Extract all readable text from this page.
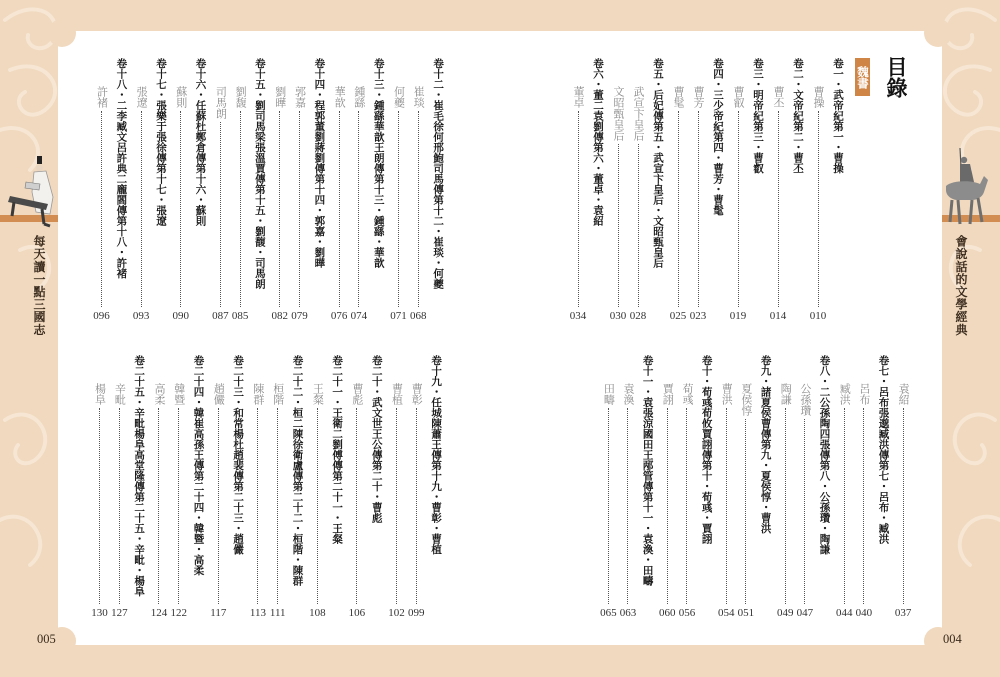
每天讀一點三國志	會說話的文學經典
005	004
目錄
魏書
卷一・武帝紀第一・曹操
曹操
010
卷二・文帝紀第二・曹丕
曹丕
014
卷三・明帝紀第三・曹叡
曹叡
019
卷四・三少帝紀第四・曹芳・曹髦
曹芳
023
曹髦
025
卷五・后妃傳第五・武宣卞皇后・文昭甄皇后
武宣卞皇后
028
文昭甄皇后
030
卷六・董二袁劉傳第六・董卓・袁紹
董卓
034
袁紹
037
卷七・呂布張邈臧洪傳第七・呂布・臧洪
呂布
040
臧洪
044
卷八・二公孫陶四張傳第八・公孫瓚・陶謙
公孫瓚
047
陶謙
049
卷九・諸夏侯曹傳第九・夏侯惇・曹洪
夏侯惇
051
曹洪
054
卷十・荀彧荀攸賈詡傳第十・荀彧・賈詡
荀彧
056
賈詡
060
卷十一・袁張涼國田王邴管傳第十一・袁渙・田疇
袁渙
063
田疇
065
卷十二・崔毛徐何邢鮑司馬傳第十二・崔琰・何夔
崔琰
068
何夔
071
卷十三・鍾繇華歆王朗傳第十三・鍾繇・華歆
鍾繇
074
華歆
076
卷十四・程郭董劉蔣劉傳第十四・郭嘉・劉曄
郭嘉
079
劉曄
082
卷十五・劉司馬梁張溫賈傳第十五・劉馥・司馬朗
劉馥
085
司馬朗
087
卷十六・任蘇杜鄭倉傳第十六・蘇則
蘇則
090
卷十七・張樂于張徐傳第十七・張遼
張遼
093
卷十八・二李臧文呂許典二龐閻傳第十八・許褚
許褚
096
卷十九・任城陳蕭王傳第十九・曹彰・曹植
曹彰
099
曹植
102
卷二十・武文世王公傳第二十・曹彪
曹彪
106
卷二十一・王衛二劉傅傳第二十一・王粲
王粲
108
卷二十二・桓二陳徐衛盧傳第二十二・桓階・陳群
桓階
111
陳群
113
卷二十三・和常楊杜趙裴傳第二十三・趙儼
趙儼
117
卷二十四・韓崔高孫王傳第二十四・韓暨・高柔
韓暨
122
高柔
124
卷二十五・辛毗楊阜高堂隆傳第二十五・辛毗・楊阜
辛毗
127
楊阜
130
